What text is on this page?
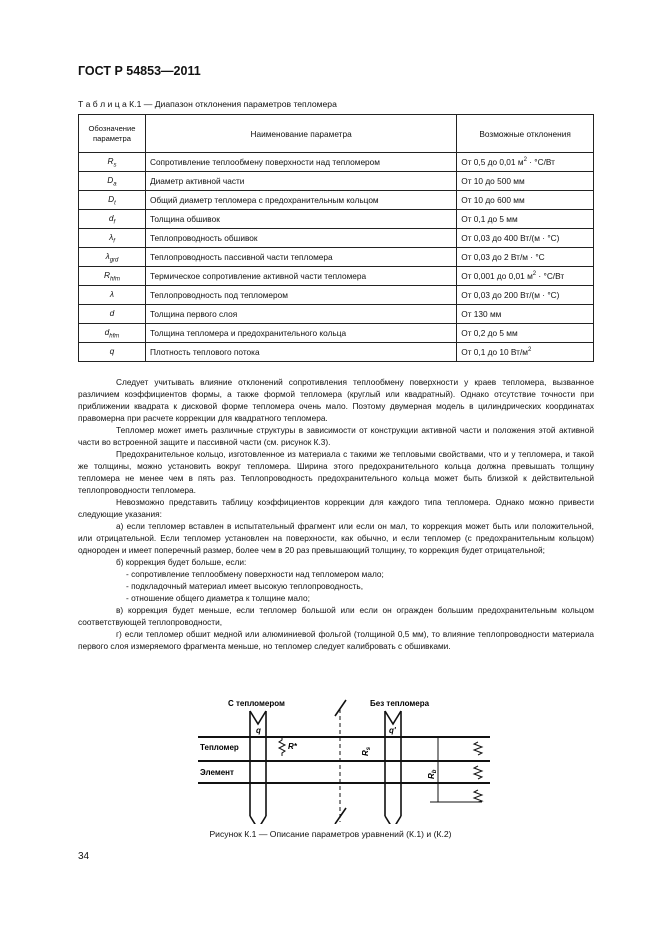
ГОСТ Р 54853—2011
Т а б л и ц а К.1 — Диапазон отклонения параметров тепломера
Обозначение параметра	Наименование параметра	Возможные отклонения
$R_s$	Сопротивление теплообмену поверхности над тепломером	От 0,5 до 0,01 $м^2 \cdot ^\circ С/Вт$
$D_a$	Диаметр активной части	От 10 до 500 мм
$D_t$	Общий диаметр тепломера с предохранительным кольцом	От 10 до 600 мм
$d_f$	Толщина обшивок	От 0,1 до 5 мм
$\lambda_f$	Теплопроводность обшивок	От 0,03 до 400 Вт/(м · °С)
$\lambda_{grd}$	Теплопроводность пассивной части тепломера	От 0,03 до 2 Вт/м · °С
$R_{hfm}$	Термическое сопротивление активной части тепломера	От 0,001 до 0,01 $м^2 \cdot ^\circ С/Вт$
λ	Теплопроводность под тепломером	От 0,03 до 200 Вт/(м · °С)
d	Толщина первого слоя	От 130 мм
$d_{hfm}$	Толщина тепломера и предохранительного кольца	От 0,2 до 5 мм
q	Плотность теплового потока	От 0,1 до 10 $Вт/м^2$

Следует учитывать влияние отклонений сопротивления теплообмену поверхности у краев тепломера, вызванное различием коэффициентов формы, а также формой тепломера (круглый или квадратный). Однако отсутствие точности при приближении квадрата к дисковой форме тепломера очень мало. Поэтому двумерная модель в цилиндрических координатах правомерна при расчете коррекции для квадратного тепломера.

Тепломер может иметь различные структуры в зависимости от конструкции активной части и положения этой активной части во встроенной защите и пассивной части (см. рисунок К.3).

Предохранительное кольцо, изготовленное из материала с такими же тепловыми свойствами, что и у тепломера, и такой же толщины, можно установить вокруг тепломера. Ширина этого предохранительного кольца должна превышать толщину тепломера не менее чем в пять раз. Теплопроводность предохранительного кольца может быть близкой к действительной теплопроводности тепломера.

Невозможно представить таблицу коэффициентов коррекции для каждого типа тепломера. Однако можно привести следующие указания:

а) если тепломер вставлен в испытательный фрагмент или если он мал, то коррекция может быть или положительной, или отрицательной. Если тепломер установлен на поверхности, как обычно, и если тепломер (с предохранительным кольцом) однороден и имеет поперечный размер, более чем в 20 раз превышающий толщину, то коррекция будет отрицательной;

б) коррекция будет больше, если:

- сопротивление теплообмену поверхности над тепломером мало;

- подкладочный материал имеет высокую теплопроводность,

- отношение общего диаметра к толщине мало;

в) коррекция будет меньше, если тепломер большой или если он огражден большим предохранительным кольцом соответствующей теплопроводности,

г) если тепломер обшит медной или алюминиевой фольгой (толщиной 0,5 мм), то влияние теплопроводности материала первого слоя измеряемого фрагмента меньше, но тепломер следует калибровать с обшивками.

С тепломером	Без тепломера
Тепломер
Элемент
q	q'
R*
$R_s$
$R_b$
Рисунок К.1 — Описание параметров уравнений (К.1) и (К.2)
34
